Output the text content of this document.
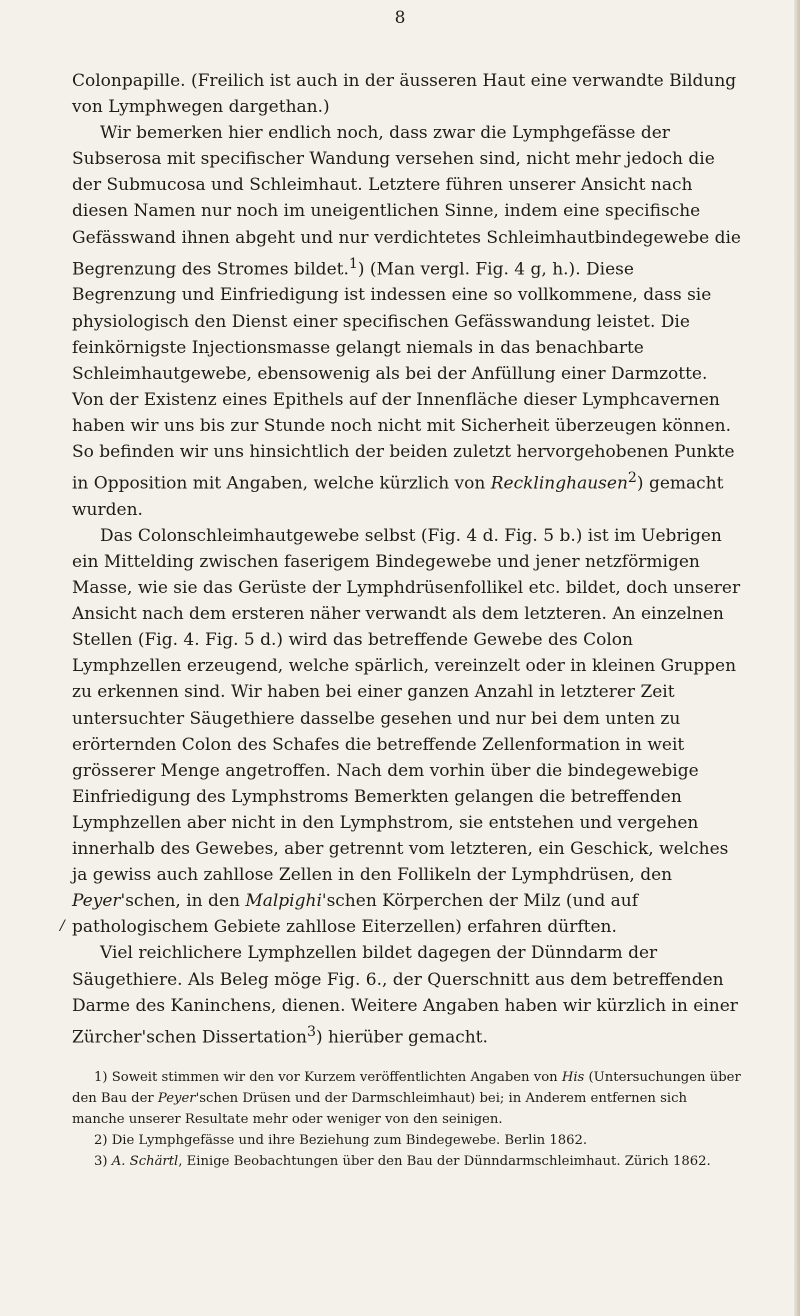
8
/

Colonpapille. (Freilich ist auch in der äusseren Haut eine verwandte Bildung von Lymphwegen dargethan.)

Wir bemerken hier endlich noch, dass zwar die Lymphgefässe der Subserosa mit specifischer Wandung versehen sind, nicht mehr jedoch die der Submucosa und Schleimhaut. Letztere führen unserer Ansicht nach diesen Namen nur noch im uneigentlichen Sinne, indem eine specifische Gefässwand ihnen abgeht und nur verdichtetes Schleimhautbindegewebe die Begrenzung des Stromes bildet.$^1$) (Man vergl. Fig. 4 g, h.). Diese Begrenzung und Einfriedigung ist indessen eine so vollkommene, dass sie physiologisch den Dienst einer specifischen Gefässwandung leistet. Die feinkörnigste Injectionsmasse gelangt niemals in das benachbarte Schleimhautgewebe, ebensowenig als bei der Anfüllung einer Darmzotte. Von der Existenz eines Epithels auf der Innenfläche dieser Lymphcavernen haben wir uns bis zur Stunde noch nicht mit Sicherheit überzeugen können. So befinden wir uns hinsichtlich der beiden zuletzt hervorgehobenen Punkte in Opposition mit Angaben, welche kürzlich von Recklinghausen$^2$) gemacht wurden.

Das Colonschleimhautgewebe selbst (Fig. 4 d. Fig. 5 b.) ist im Uebrigen ein Mittelding zwischen faserigem Bindegewebe und jener netzförmigen Masse, wie sie das Gerüste der Lymphdrüsenfollikel etc. bildet, doch unserer Ansicht nach dem ersteren näher verwandt als dem letzteren. An einzelnen Stellen (Fig. 4. Fig. 5 d.) wird das betreffende Gewebe des Colon Lymphzellen erzeugend, welche spärlich, vereinzelt oder in kleinen Gruppen zu erkennen sind. Wir haben bei einer ganzen Anzahl in letzterer Zeit untersuchter Säugethiere dasselbe gesehen und nur bei dem unten zu erörternden Colon des Schafes die betreffende Zellenformation in weit grösserer Menge angetroffen. Nach dem vorhin über die bindegewebige Einfriedigung des Lymphstroms Bemerkten gelangen die betreffenden Lymphzellen aber nicht in den Lymphstrom, sie entstehen und vergehen innerhalb des Gewebes, aber getrennt vom letzteren, ein Geschick, welches ja gewiss auch zahllose Zellen in den Follikeln der Lymphdrüsen, den Peyer'schen, in den Malpighi'schen Körperchen der Milz (und auf pathologischem Gebiete zahllose Eiterzellen) erfahren dürften.

Viel reichlichere Lymphzellen bildet dagegen der Dünndarm der Säugethiere. Als Beleg möge Fig. 6., der Querschnitt aus dem betreffenden Darme des Kaninchens, dienen. Weitere Angaben haben wir kürzlich in einer Zürcher'schen Dissertation$^3$) hierüber gemacht.

1) Soweit stimmen wir den vor Kurzem veröffentlichten Angaben von His (Untersuchungen über den Bau der Peyer'schen Drüsen und der Darmschleimhaut) bei; in Anderem entfernen sich manche unserer Resultate mehr oder weniger von den seinigen.

2) Die Lymphgefässe und ihre Beziehung zum Bindegewebe. Berlin 1862.

3) A. Schärtl, Einige Beobachtungen über den Bau der Dünndarmschleimhaut. Zürich 1862.
